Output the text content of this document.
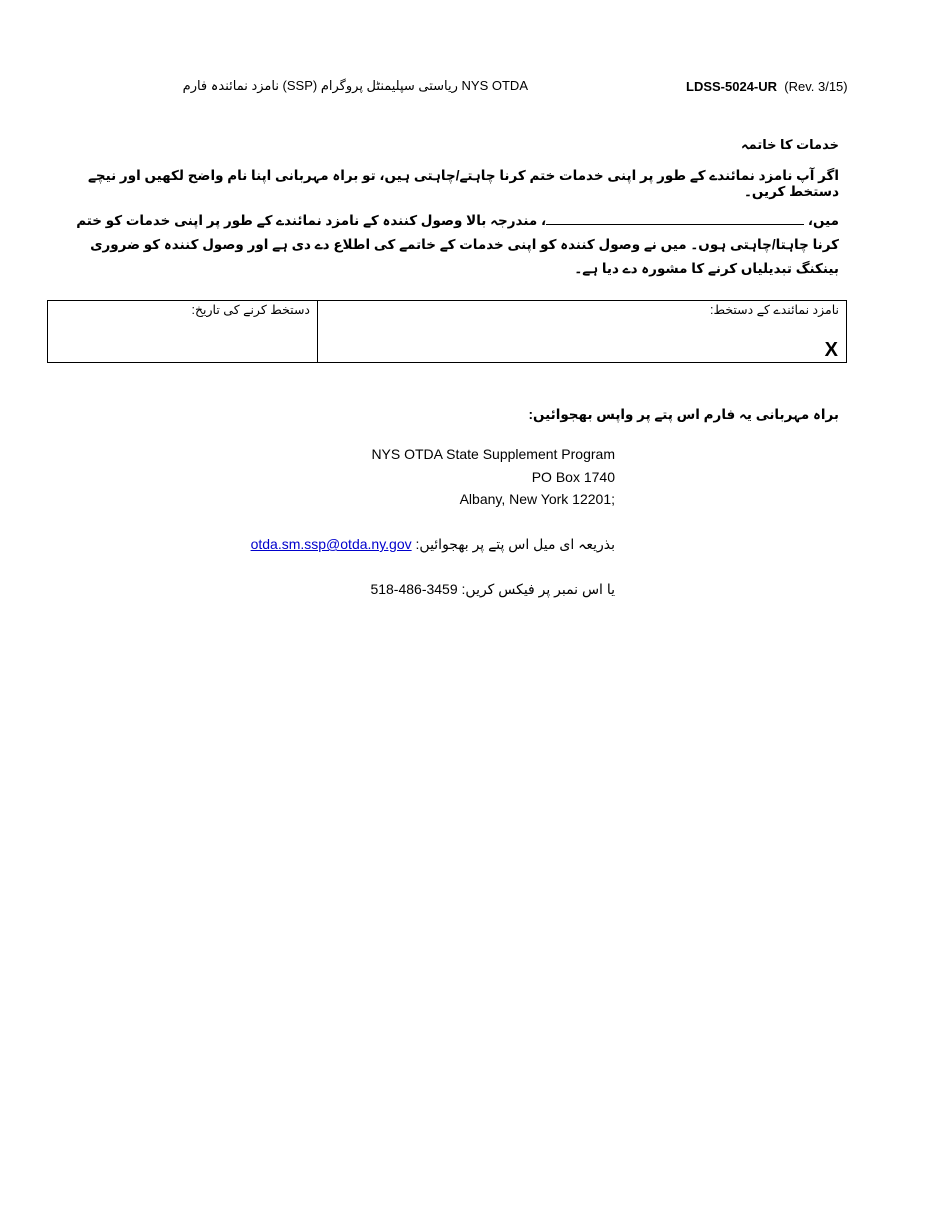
LDSS-5024-UR (Rev. 3/15)
NYS OTDA ریاستی سپلیمنٹل پروگرام (SSP) نامزد نمائندہ فارم
خدمات کا خاتمہ
اگر آپ نامزد نمائندے کے طور پر اپنی خدمات ختم کرنا چاہتے/چاہتی ہیں، تو براہ مہربانی اپنا نام واضح لکھیں اور نیچے دستخط کریں۔
میں، ، مندرجہ بالا وصول کنندہ کے نامزد نمائندے کے طور پر اپنی خدمات کو ختم کرنا چاہتا/چاہتی ہوں۔ میں نے وصول کنندہ کو اپنی خدمات کے خاتمے کی اطلاع دے دی ہے اور وصول کنندہ کو ضروری بینکنگ تبدیلیاں کرنے کا مشورہ دے دیا ہے۔
دستخط کرنے کی تاریخ:	نامزد نمائندے کے دستخط:
X
براہ مہربانی یہ فارم اس پتے پر واپس بھجوائیں:
NYS OTDA State Supplement Program
PO Box 1740
Albany, New York 12201;
بذریعہ ای میل اس پتے پر بھجوائیں: otda.sm.ssp@otda.ny.gov
یا اس نمبر پر فیکس کریں: 518-486-3459
